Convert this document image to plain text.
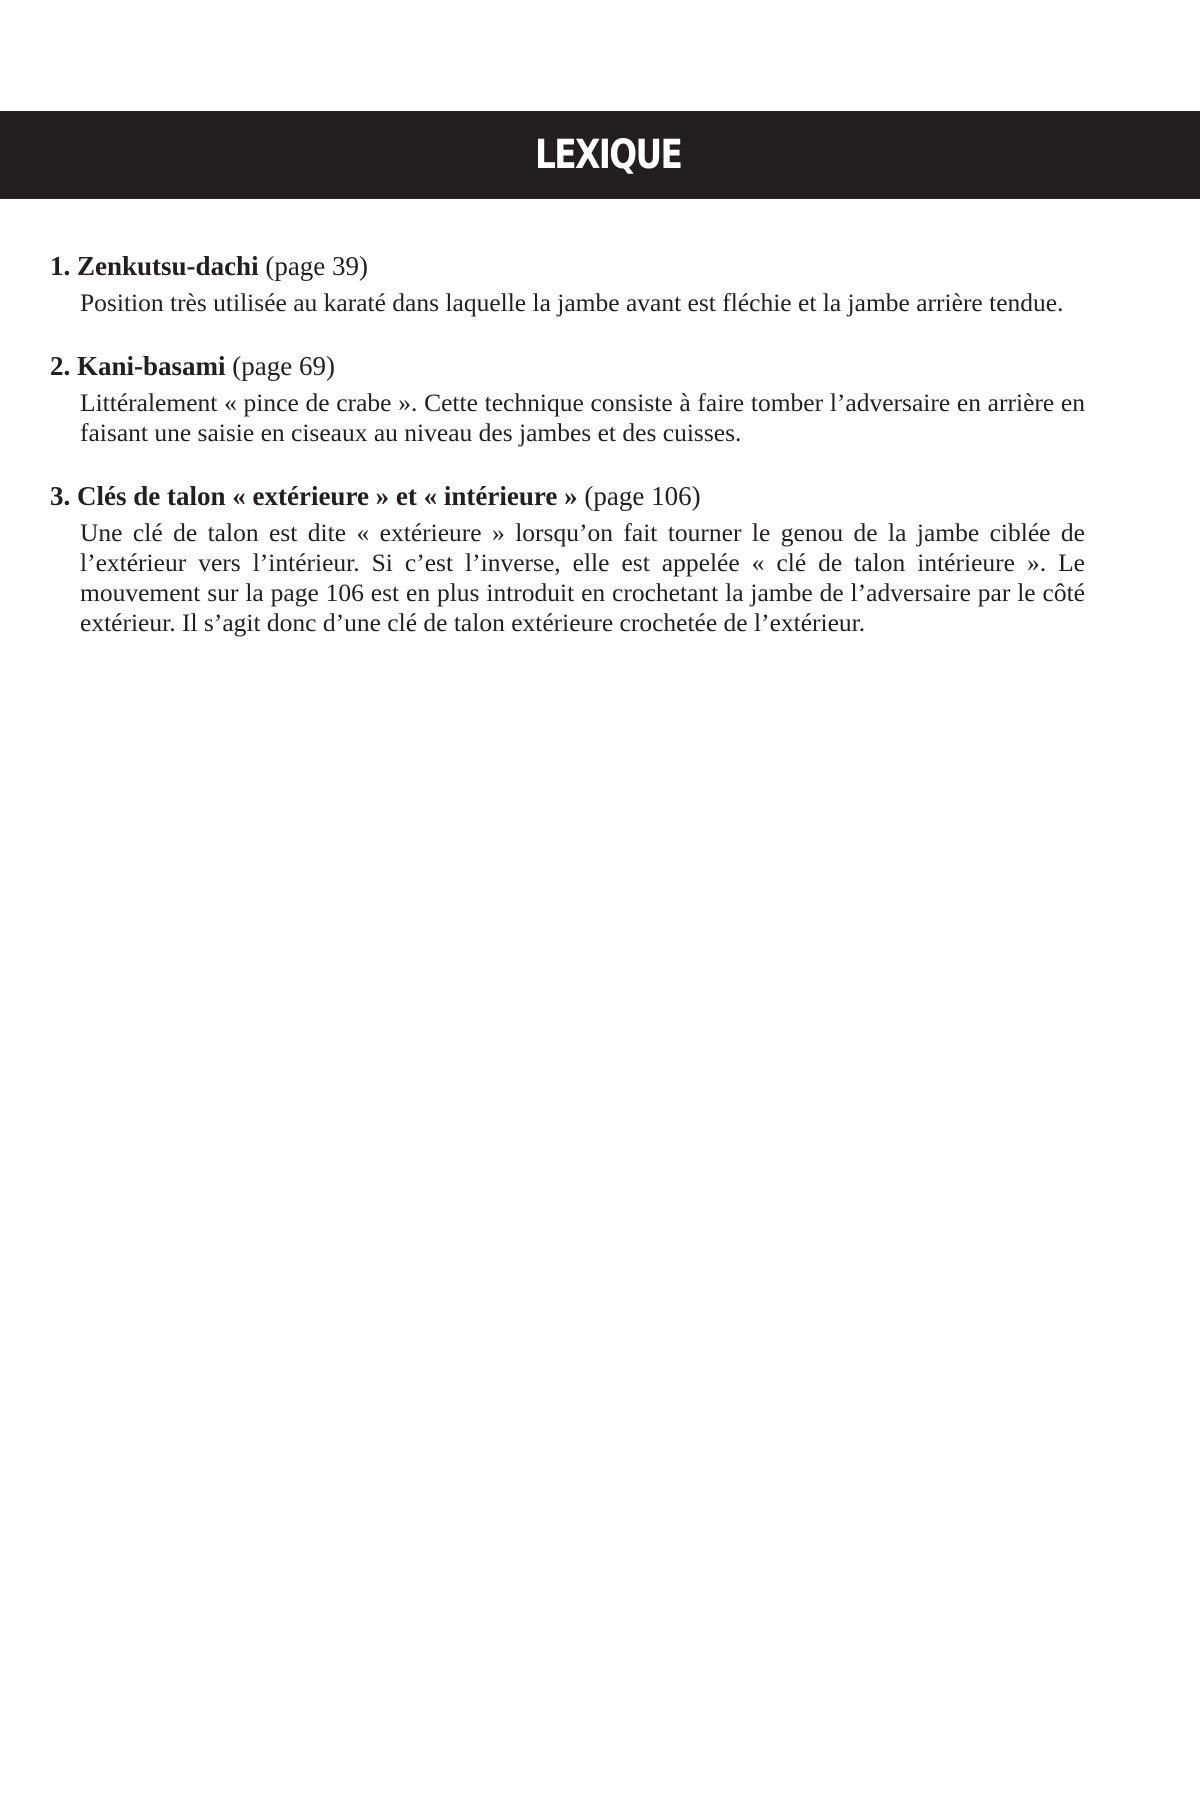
LEXIQUE

1. Zenkutsu-dachi (page 39)

Position très utilisée au karaté dans laquelle la jambe avant est fléchie et la jambe arrière tendue.

2. Kani-basami (page 69)

Littéralement « pince de crabe ». Cette technique consiste à faire tomber l’adversaire en arrière en faisant une saisie en ciseaux au niveau des jambes et des cuisses.

3. Clés de talon « extérieure » et « intérieure » (page 106)

Une clé de talon est dite « extérieure » lorsqu’on fait tourner le genou de la jambe ciblée de l’extérieur vers l’intérieur. Si c’est l’inverse, elle est appelée « clé de talon intérieure ». Le mouvement sur la page 106 est en plus introduit en crochetant la jambe de l’adversaire par le côté extérieur. Il s’agit donc d’une clé de talon extérieure crochetée de l’extérieur.
